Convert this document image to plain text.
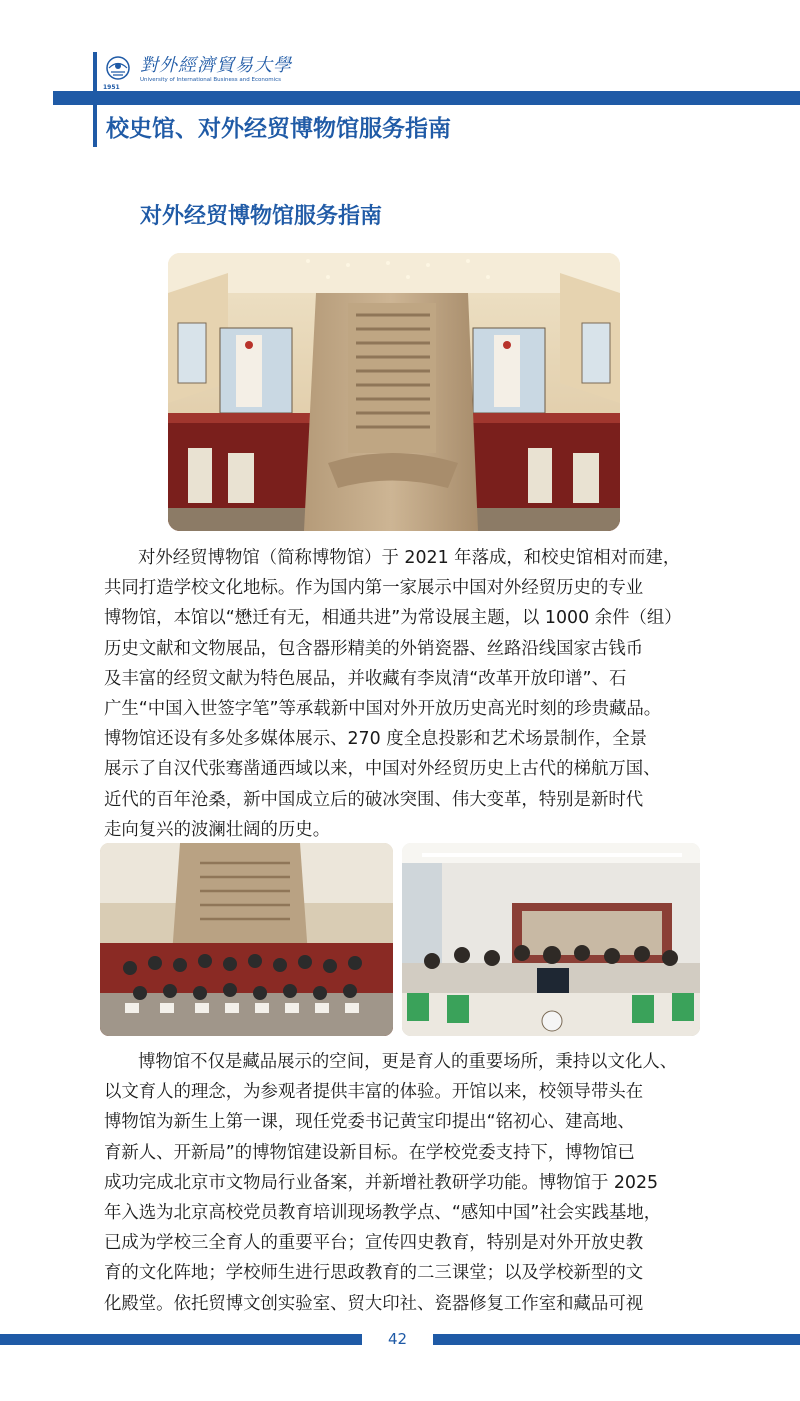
對外經濟貿易大學
University of International Business and Economics
1951
校史馆、对外经贸博物馆服务指南
对外经贸博物馆服务指南
对外经贸博物馆（简称博物馆）于 2021 年落成，和校史馆相对而建，
共同打造学校文化地标。作为国内第一家展示中国对外经贸历史的专业
博物馆，本馆以“懋迁有无，相通共进”为常设展主题，以 1000 余件（组）
历史文献和文物展品，包含器形精美的外销瓷器、丝路沿线国家古钱币
及丰富的经贸文献为特色展品，并收藏有李岚清“改革开放印谱”、石
广生“中国入世签字笔”等承载新中国对外开放历史高光时刻的珍贵藏品。
博物馆还设有多处多媒体展示、270 度全息投影和艺术场景制作，全景
展示了自汉代张骞凿通西域以来，中国对外经贸历史上古代的梯航万国、
近代的百年沧桑，新中国成立后的破冰突围、伟大变革，特别是新时代
走向复兴的波澜壮阔的历史。
博物馆不仅是藏品展示的空间，更是育人的重要场所，秉持以文化人、
以文育人的理念，为参观者提供丰富的体验。开馆以来，校领导带头在
博物馆为新生上第一课，现任党委书记黄宝印提出“铭初心、建高地、
育新人、开新局”的博物馆建设新目标。在学校党委支持下，博物馆已
成功完成北京市文物局行业备案，并新增社教研学功能。博物馆于 2025
年入选为北京高校党员教育培训现场教学点、“感知中国”社会实践基地，
已成为学校三全育人的重要平台；宣传四史教育，特别是对外开放史教
育的文化阵地；学校师生进行思政教育的二三课堂；以及学校新型的文
化殿堂。依托贸博文创实验室、贸大印社、瓷器修复工作室和藏品可视
42
